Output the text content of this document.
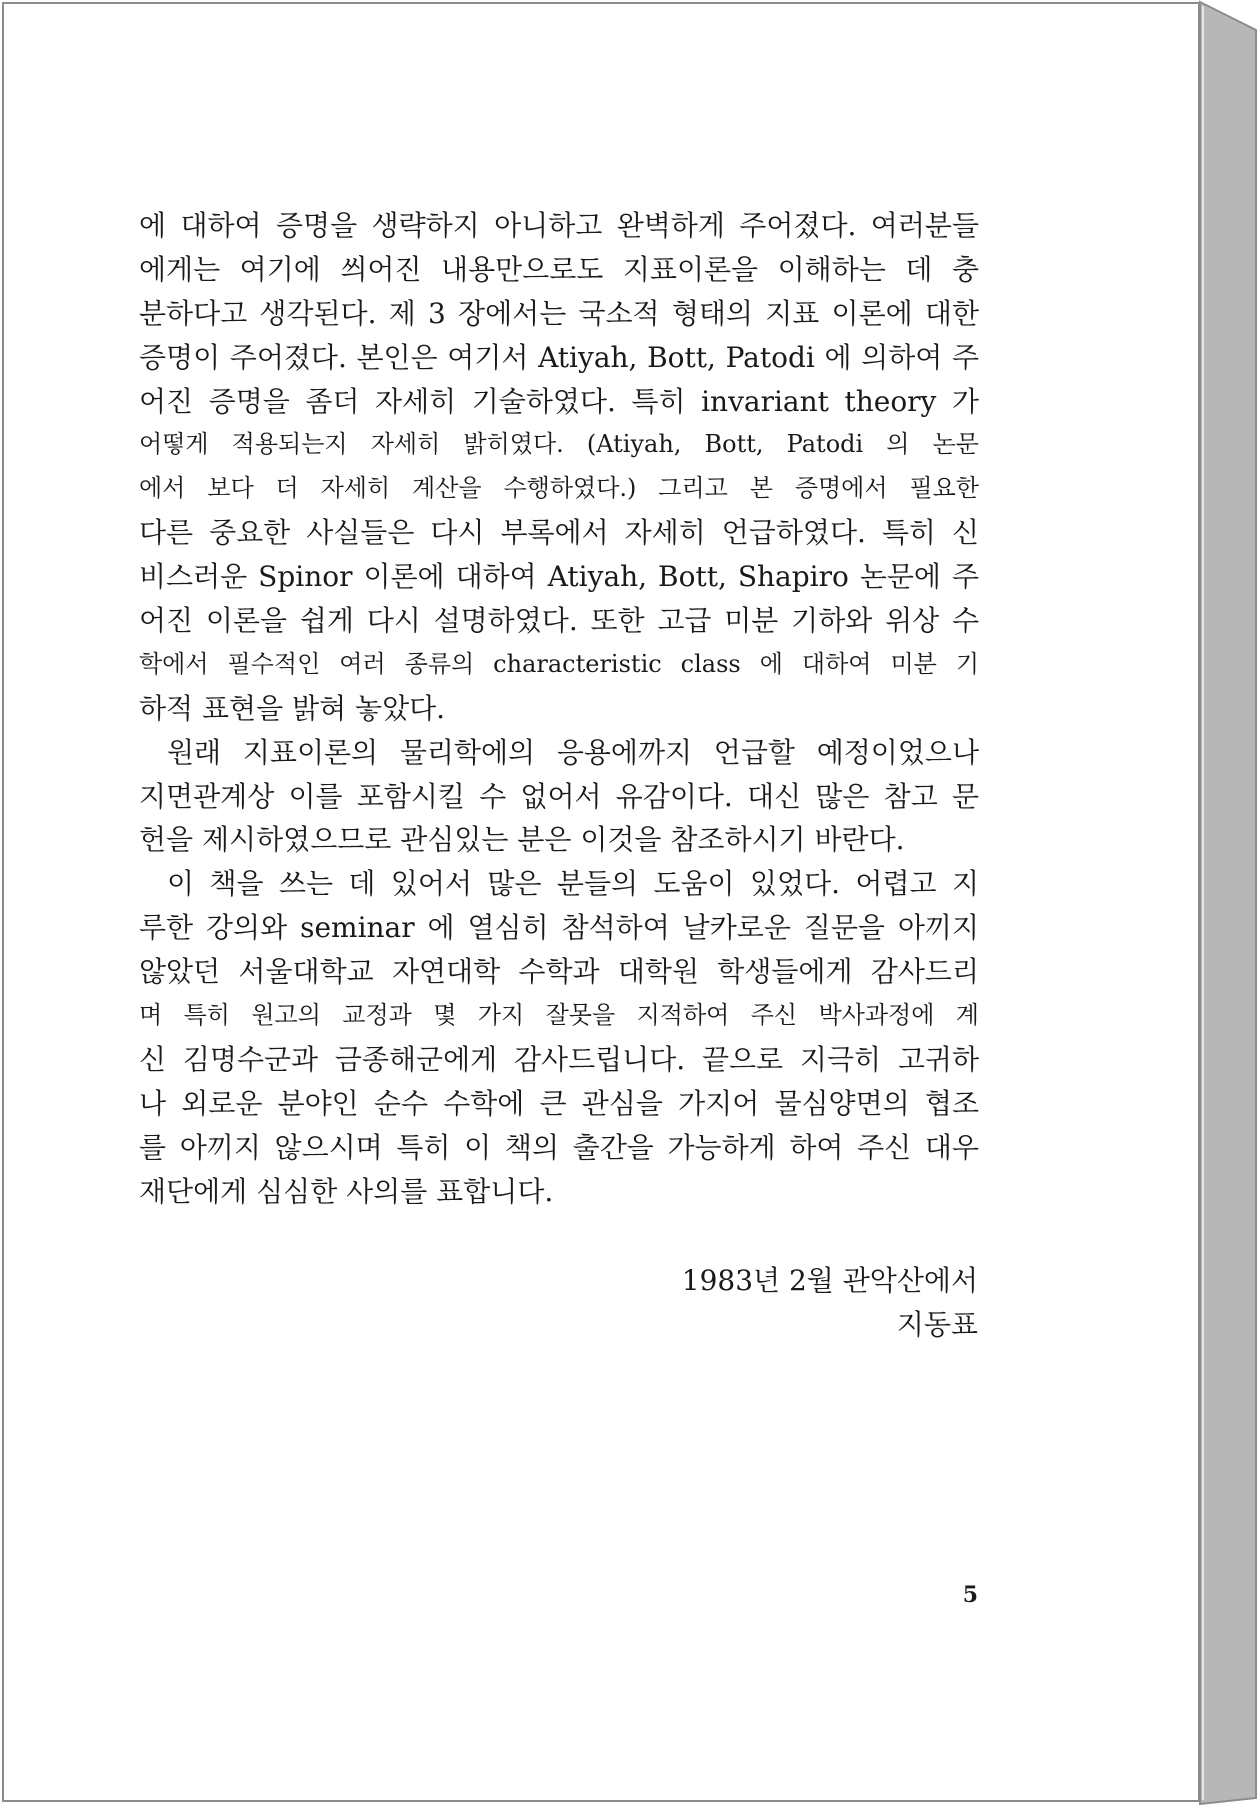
에 대하여 증명을 생략하지 아니하고 완벽하게 주어졌다. 여러분들
에게는 여기에 씌어진 내용만으로도 지표이론을 이해하는 데 충
분하다고 생각된다. 제 3 장에서는 국소적 형태의 지표 이론에 대한
증명이 주어졌다. 본인은 여기서 Atiyah, Bott, Patodi 에 의하여 주
어진 증명을 좀더 자세히 기술하였다. 특히 invariant theory 가
어떻게 적용되는지 자세히 밝히였다. (Atiyah, Bott, Patodi 의 논문
에서 보다 더 자세히 계산을 수행하였다.) 그리고 본 증명에서 필요한
다른 중요한 사실들은 다시 부록에서 자세히 언급하였다. 특히 신
비스러운 Spinor 이론에 대하여 Atiyah, Bott, Shapiro 논문에 주
어진 이론을 쉽게 다시 설명하였다. 또한 고급 미분 기하와 위상 수
학에서 필수적인 여러 종류의 characteristic class 에 대하여 미분 기
하적 표현을 밝혀 놓았다.
원래 지표이론의 물리학에의 응용에까지 언급할 예정이었으나
지면관계상 이를 포함시킬 수 없어서 유감이다. 대신 많은 참고 문
헌을 제시하였으므로 관심있는 분은 이것을 참조하시기 바란다.
이 책을 쓰는 데 있어서 많은 분들의 도움이 있었다. 어렵고 지
루한 강의와 seminar 에 열심히 참석하여 날카로운 질문을 아끼지
않았던 서울대학교 자연대학 수학과 대학원 학생들에게 감사드리
며 특히 원고의 교정과 몇 가지 잘못을 지적하여 주신 박사과정에 계
신 김명수군과 금종해군에게 감사드립니다. 끝으로 지극히 고귀하
나 외로운 분야인 순수 수학에 큰 관심을 가지어 물심양면의 협조
를 아끼지 않으시며 특히 이 책의 출간을 가능하게 하여 주신 대우
재단에게 심심한 사의를 표합니다.
1983년 2월 관악산에서
지동표
5
